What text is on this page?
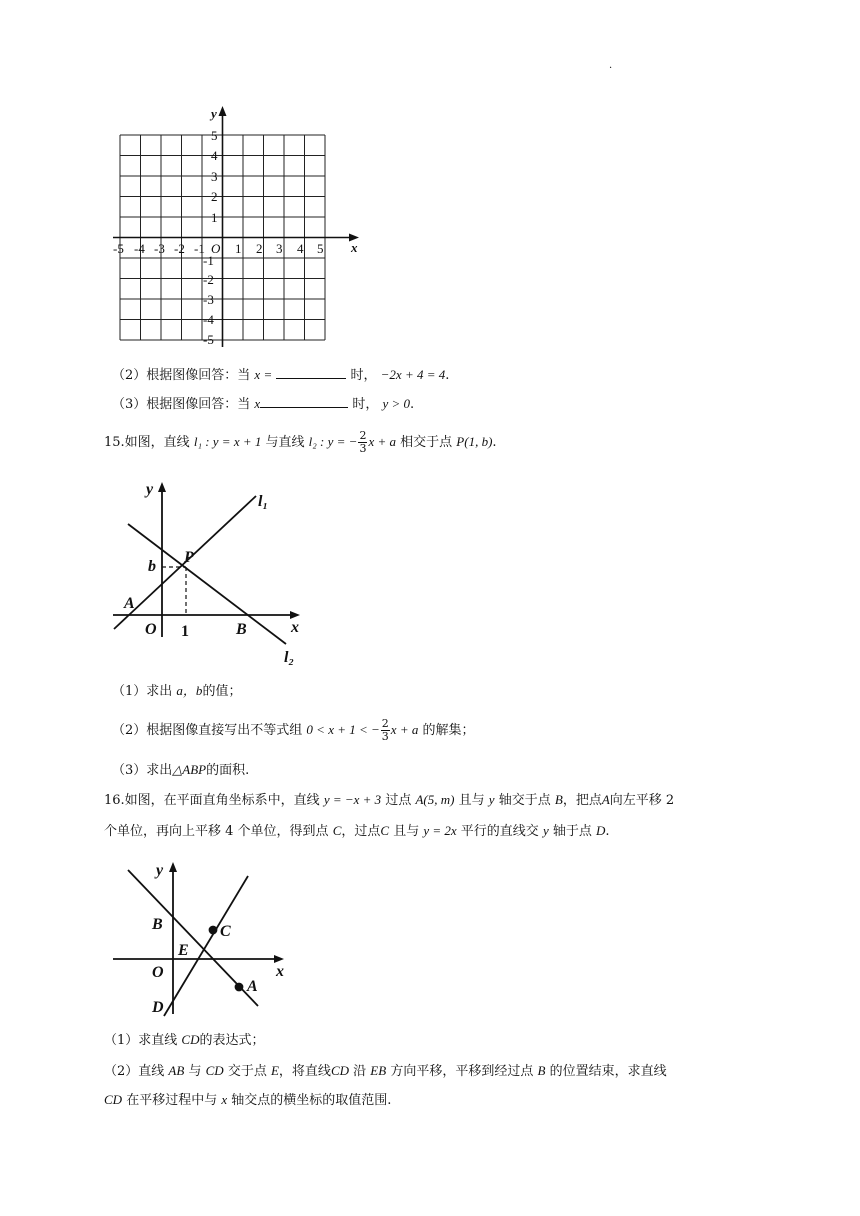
.
y
x
-5 -4 -3 -2 -1 O 1 2 3 4 5
5
4
3
2
1
-1
-2
-3
-4
-5
（2）根据图像回答：当 x =	时， −2x + 4 = 4.
（3）根据图像回答：当 x	时， y > 0.
15.如图，直线 l₁ : y = x + 1 与直线 l₂ : y = − $\frac{2}{3}$ x + a 相交于点 P(1, b).
y
x
l₁
l₂
P
b
A
O 1	B
（1）求出 a，b的值；
（2）根据图像直接写出不等式组 0 < x + 1 < − $\frac{2}{3}$ x + a 的解集；
（3）求出△ABP的面积.
16.如图，在平面直角坐标系中，直线 y = −x + 3 过点 A(5, m) 且与 y 轴交于点 B，把点A向左平移 2
个单位，再向上平移 4 个单位，得到点 C，过点C 且与 y = 2x 平行的直线交 y 轴于点 D.
y
x
B	C
E
O
A
D
（1）求直线 CD的表达式；
（2）直线 AB 与 CD 交于点 E，将直线CD 沿 EB 方向平移，平移到经过点 B 的位置结束，求直线
CD 在平移过程中与 x 轴交点的横坐标的取值范围.
